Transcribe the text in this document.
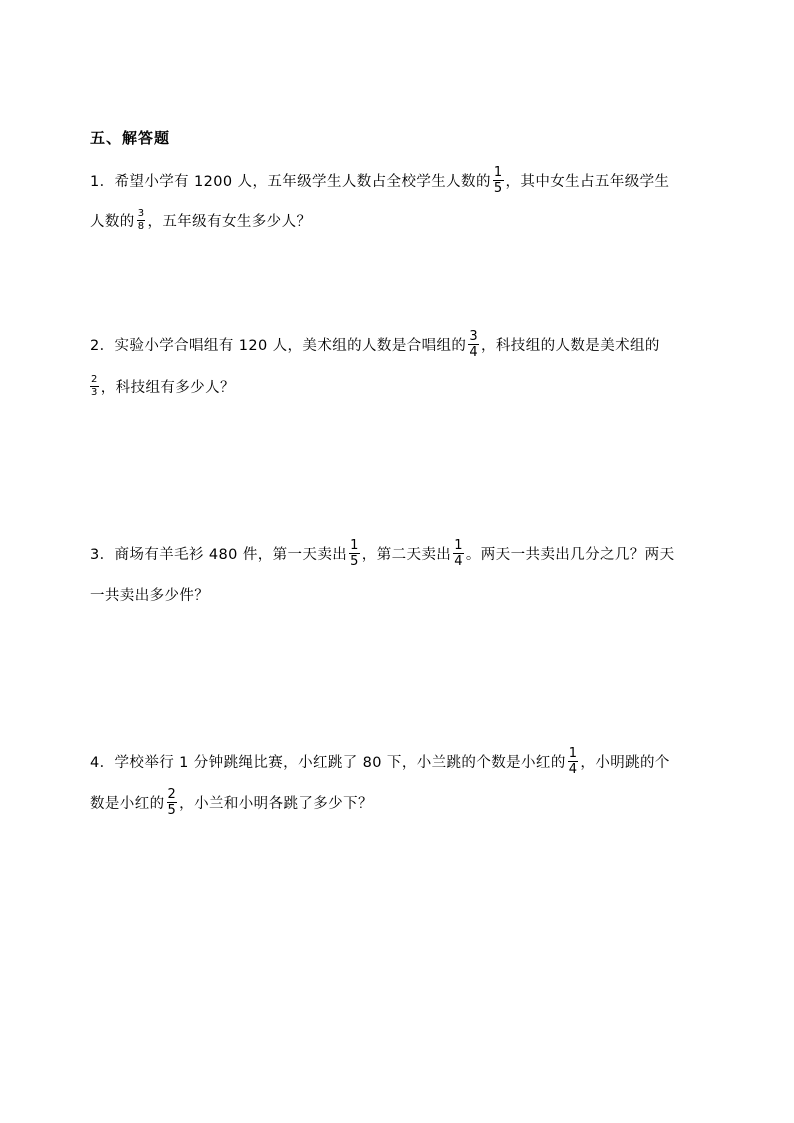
五、解答题
1．希望小学有 1200 人，五年级学生人数占全校学生人数的 $\frac{1}{5}$ ，其中女生占五年级学生
人数的 $\frac{3}{8}$ ，五年级有女生多少人？
2．实验小学合唱组有 120 人，美术组的人数是合唱组的 $\frac{3}{4}$ ，科技组的人数是美术组的
$\frac{2}{3}$ ，科技组有多少人？
3．商场有羊毛衫 480 件，第一天卖出 $\frac{1}{5}$ ，第二天卖出 $\frac{1}{4}$ 。两天一共卖出几分之几？两天
一共卖出多少件？
4．学校举行 1 分钟跳绳比赛，小红跳了 80 下，小兰跳的个数是小红的 $\frac{1}{4}$ ，小明跳的个
数是小红的 $\frac{2}{5}$ ，小兰和小明各跳了多少下？
